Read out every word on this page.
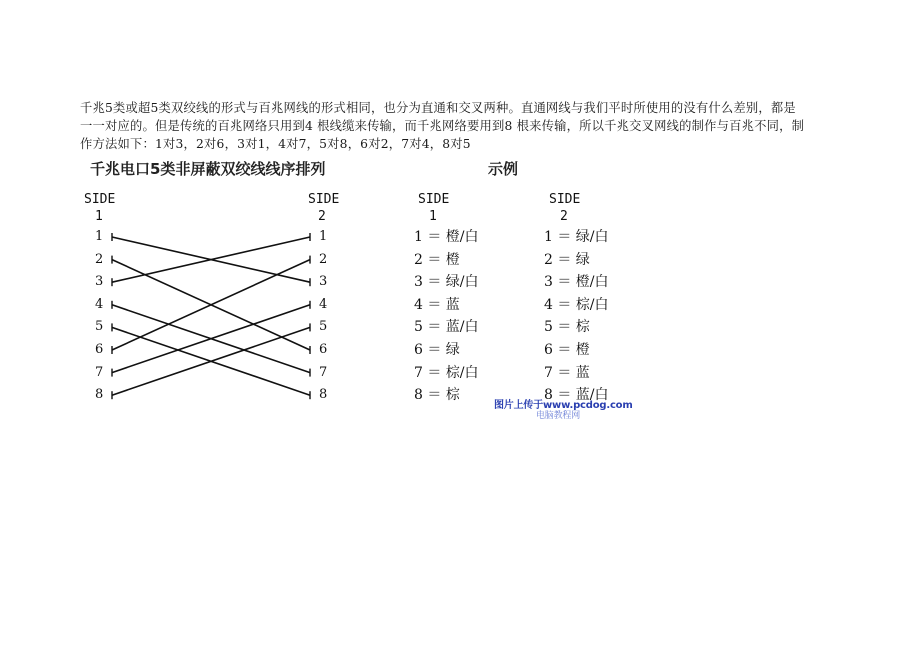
千兆5类或超5类双绞线的形式与百兆网线的形式相同，也分为直通和交叉两种。直通网线与我们平时所使用的没有什么差别，都是

一一对应的。但是传统的百兆网络只用到4 根线缆来传输，而千兆网络要用到8 根来传输，所以千兆交叉网线的制作与百兆不同，制

作方法如下：1对3，2对6，3对1，4对7，5对8，6对2，7对4，8对5

千兆电口5类非屏蔽双绞线线序排列	示例
SIDE
1
SIDE
2
1
2
3
4
5
6
7
8
1
2
3
4
5
6
7
8
SIDE
1
SIDE
2
1 ＝ 橙/白
2 ＝ 橙
3 ＝ 绿/白
4 ＝ 蓝
5 ＝ 蓝/白
6 ＝ 绿
7 ＝ 棕/白
8 ＝ 棕
1 ＝ 绿/白
2 ＝ 绿
3 ＝ 橙/白
4 ＝ 棕/白
5 ＝ 棕
6 ＝ 橙
7 ＝ 蓝
8 ＝ 蓝/白
图片上传于www.pcdog.com
电脑教程网
